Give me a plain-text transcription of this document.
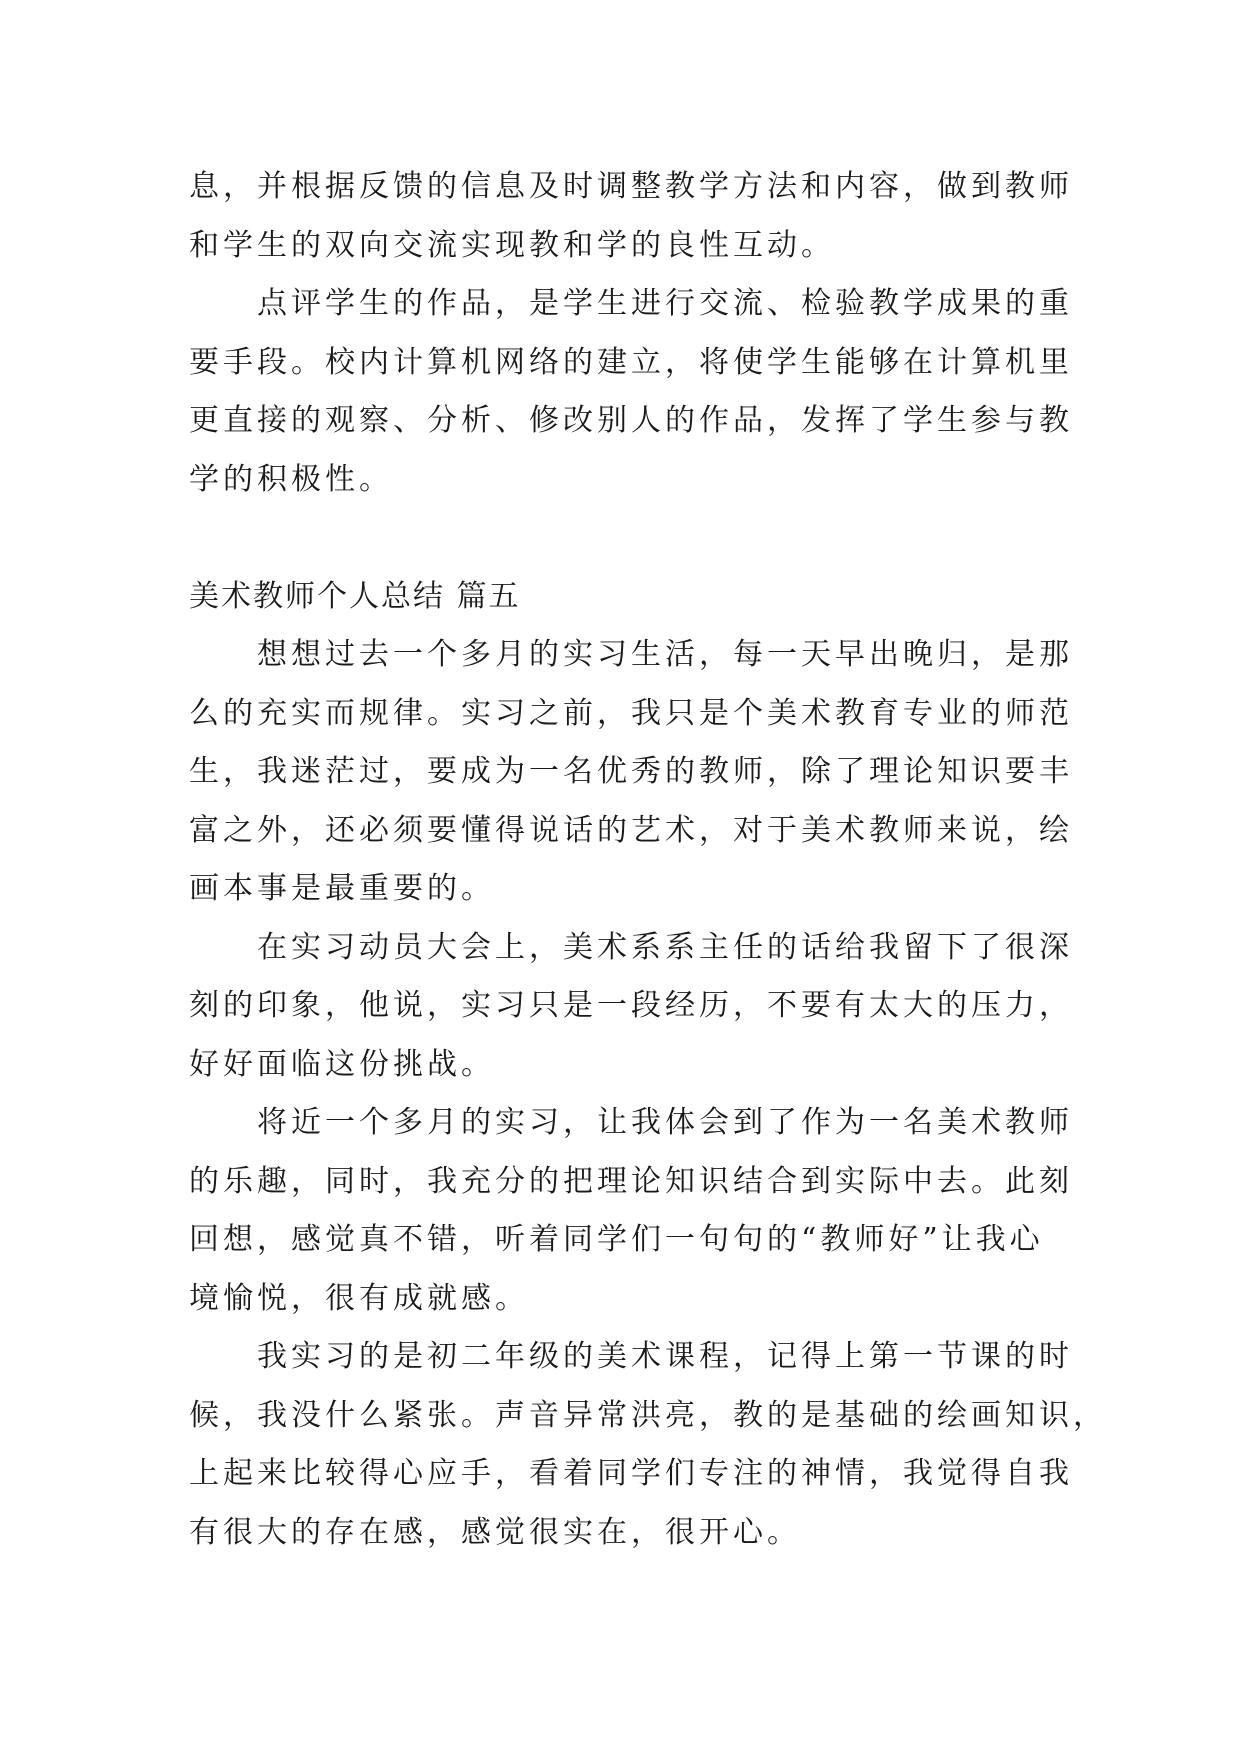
息，并根据反馈的信息及时调整教学方法和内容，做到教师
和学生的双向交流实现教和学的良性互动。
点评学生的作品，是学生进行交流、检验教学成果的重
要手段。校内计算机网络的建立，将使学生能够在计算机里
更直接的观察、分析、修改别人的作品，发挥了学生参与教
学的积极性。
美术教师个人总结 篇五
想想过去一个多月的实习生活，每一天早出晚归，是那
么的充实而规律。实习之前，我只是个美术教育专业的师范
生，我迷茫过，要成为一名优秀的教师，除了理论知识要丰
富之外，还必须要懂得说话的艺术，对于美术教师来说，绘
画本事是最重要的。
在实习动员大会上，美术系系主任的话给我留下了很深
刻的印象，他说，实习只是一段经历，不要有太大的压力，
好好面临这份挑战。
将近一个多月的实习，让我体会到了作为一名美术教师
的乐趣，同时，我充分的把理论知识结合到实际中去。此刻
回想，感觉真不错，听着同学们一句句的“教师好”让我心
境愉悦，很有成就感。
我实习的是初二年级的美术课程，记得上第一节课的时
候，我没什么紧张。声音异常洪亮，教的是基础的绘画知识，
上起来比较得心应手，看着同学们专注的神情，我觉得自我
有很大的存在感，感觉很实在，很开心。
